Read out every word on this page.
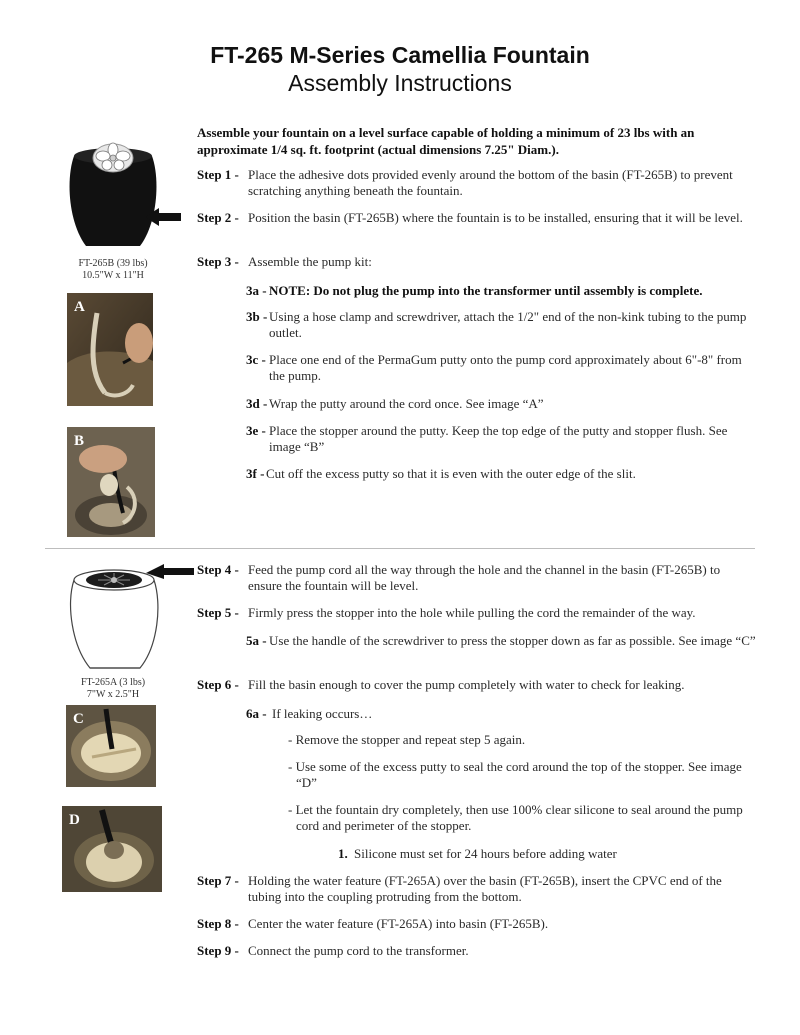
FT-265 M-Series Camellia Fountain
Assembly Instructions
Assemble your fountain on a level surface capable of holding a minimum of 23 lbs with an approximate 1/4 sq. ft. footprint (actual dimensions 7.25" Diam.).
FT-265B (39 lbs)
10.5"W x 11"H
A
B
Step 1 - Place the adhesive dots provided evenly around the bottom of the basin (FT-265B) to prevent scratching anything beneath the fountain.
Step 2 - Position the basin (FT-265B) where the fountain is to be installed, ensuring that it will be level.
Step 3 - Assemble the pump kit:
3a - NOTE: Do not plug the pump into the transformer until assembly is complete.
3b - Using a hose clamp and screwdriver, attach the 1/2" end of the non-kink tubing to the pump outlet.
3c - Place one end of the PermaGum putty onto the pump cord approximately about 6"-8" from the pump.
3d - Wrap the putty around the cord once. See image “A”
3e - Place the stopper around the putty. Keep the top edge of the putty and stopper flush. See image “B”
3f - Cut off the excess putty so that it is even with the outer edge of the slit.
FT-265A (3 lbs)
7"W x 2.5"H
C
D
Step 4 - Feed the pump cord all the way through the hole and the channel in the basin (FT-265B) to ensure the fountain will be level.
Step 5 - Firmly press the stopper into the hole while pulling the cord the remainder of the way.
5a - Use the handle of the screwdriver to press the stopper down as far as possible. See image “C”
Step 6 - Fill the basin enough to cover the pump completely with water to check for leaking.
6a - If leaking occurs…
- Remove the stopper and repeat step 5 again.
- Use some of the excess putty to seal the cord around the top of the stopper. See image “D”
- Let the fountain dry completely, then use 100% clear silicone to seal around the pump cord and perimeter of the stopper.
1. Silicone must set for 24 hours before adding water
Step 7 - Holding the water feature (FT-265A) over the basin (FT-265B), insert the CPVC end of the tubing into the coupling protruding from the bottom.
Step 8 - Center the water feature (FT-265A) into basin (FT-265B).
Step 9 - Connect the pump cord to the transformer.
